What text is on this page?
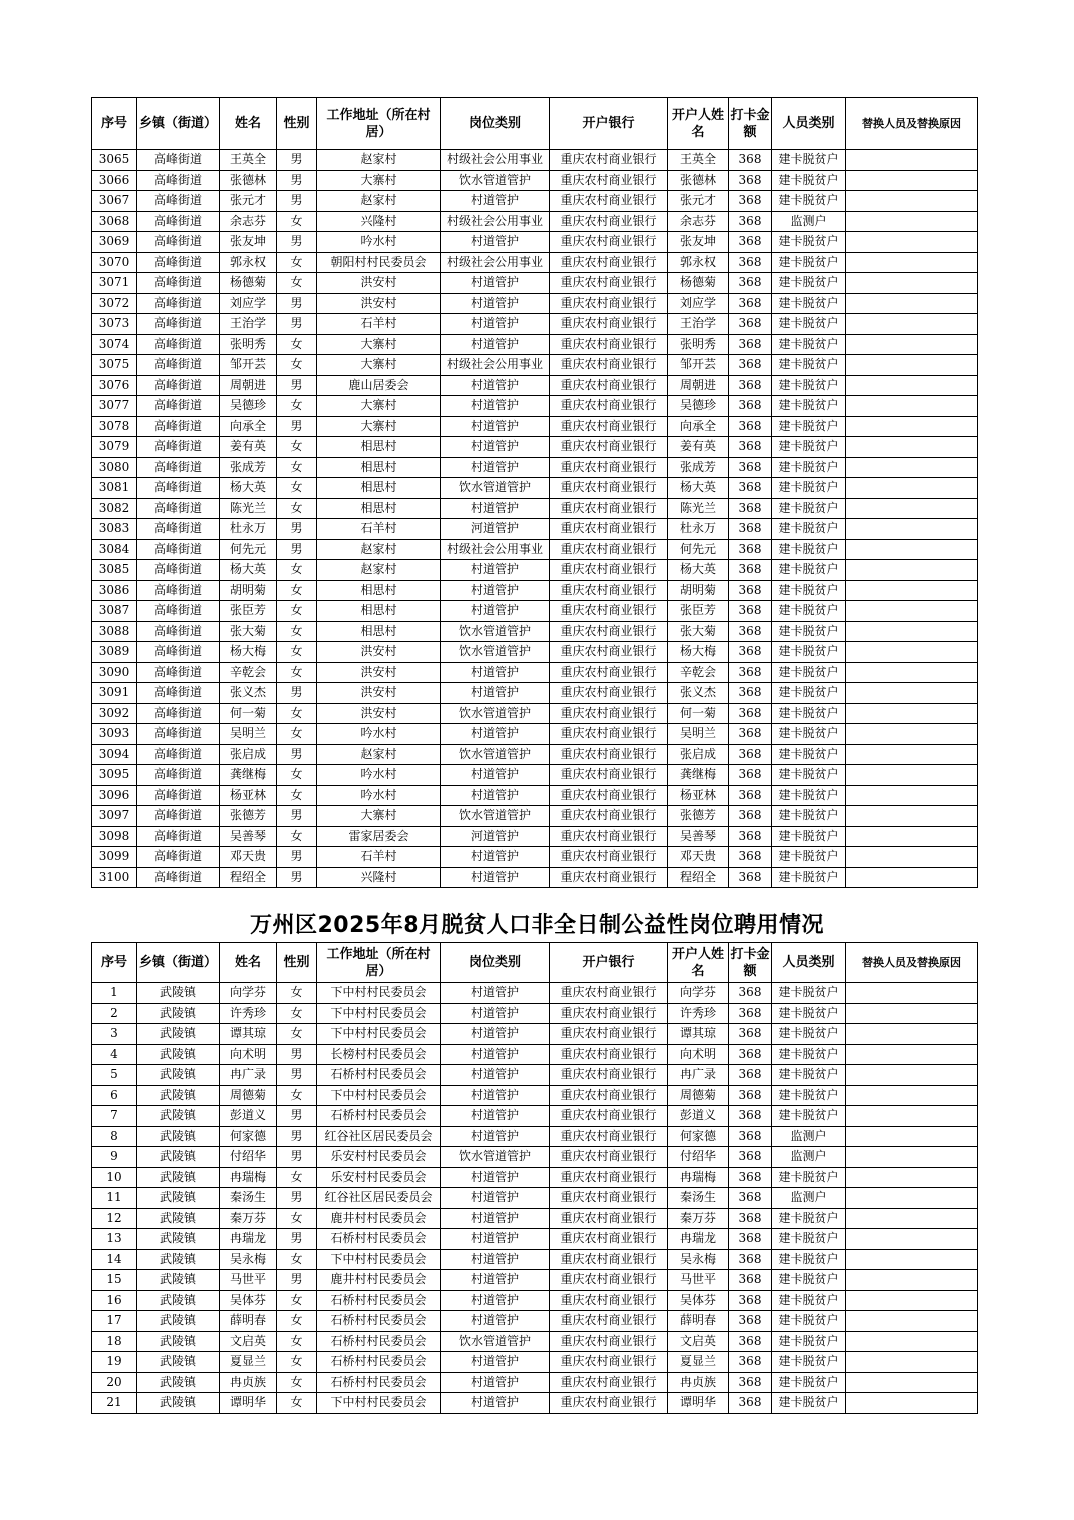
序号	乡镇（街道）	姓名	性别	工作地址（所在村居）	岗位类别	开户银行	开户人姓名	打卡金额	人员类别	替换人员及替换原因
3065	高峰街道	王英全	男	赵家村	村级社会公用事业	重庆农村商业银行	王英全	368	建卡脱贫户	
3066	高峰街道	张德林	男	大寨村	饮水管道管护	重庆农村商业银行	张德林	368	建卡脱贫户	
3067	高峰街道	张元才	男	赵家村	村道管护	重庆农村商业银行	张元才	368	建卡脱贫户	
3068	高峰街道	余志芬	女	兴隆村	村级社会公用事业	重庆农村商业银行	余志芬	368	监测户	
3069	高峰街道	张友坤	男	吟水村	村道管护	重庆农村商业银行	张友坤	368	建卡脱贫户	
3070	高峰街道	郭永权	女	朝阳村村民委员会	村级社会公用事业	重庆农村商业银行	郭永权	368	建卡脱贫户	
3071	高峰街道	杨德菊	女	洪安村	村道管护	重庆农村商业银行	杨德菊	368	建卡脱贫户	
3072	高峰街道	刘应学	男	洪安村	村道管护	重庆农村商业银行	刘应学	368	建卡脱贫户	
3073	高峰街道	王治学	男	石羊村	村道管护	重庆农村商业银行	王治学	368	建卡脱贫户	
3074	高峰街道	张明秀	女	大寨村	村道管护	重庆农村商业银行	张明秀	368	建卡脱贫户	
3075	高峰街道	邹开芸	女	大寨村	村级社会公用事业	重庆农村商业银行	邹开芸	368	建卡脱贫户	
3076	高峰街道	周朝进	男	鹿山居委会	村道管护	重庆农村商业银行	周朝进	368	建卡脱贫户	
3077	高峰街道	吴德珍	女	大寨村	村道管护	重庆农村商业银行	吴德珍	368	建卡脱贫户	
3078	高峰街道	向承全	男	大寨村	村道管护	重庆农村商业银行	向承全	368	建卡脱贫户	
3079	高峰街道	姜有英	女	相思村	村道管护	重庆农村商业银行	姜有英	368	建卡脱贫户	
3080	高峰街道	张成芳	女	相思村	村道管护	重庆农村商业银行	张成芳	368	建卡脱贫户	
3081	高峰街道	杨大英	女	相思村	饮水管道管护	重庆农村商业银行	杨大英	368	建卡脱贫户	
3082	高峰街道	陈光兰	女	相思村	村道管护	重庆农村商业银行	陈光兰	368	建卡脱贫户	
3083	高峰街道	杜永万	男	石羊村	河道管护	重庆农村商业银行	杜永万	368	建卡脱贫户	
3084	高峰街道	何先元	男	赵家村	村级社会公用事业	重庆农村商业银行	何先元	368	建卡脱贫户	
3085	高峰街道	杨大英	女	赵家村	村道管护	重庆农村商业银行	杨大英	368	建卡脱贫户	
3086	高峰街道	胡明菊	女	相思村	村道管护	重庆农村商业银行	胡明菊	368	建卡脱贫户	
3087	高峰街道	张臣芳	女	相思村	村道管护	重庆农村商业银行	张臣芳	368	建卡脱贫户	
3088	高峰街道	张大菊	女	相思村	饮水管道管护	重庆农村商业银行	张大菊	368	建卡脱贫户	
3089	高峰街道	杨大梅	女	洪安村	饮水管道管护	重庆农村商业银行	杨大梅	368	建卡脱贫户	
3090	高峰街道	辛乾会	女	洪安村	村道管护	重庆农村商业银行	辛乾会	368	建卡脱贫户	
3091	高峰街道	张义杰	男	洪安村	村道管护	重庆农村商业银行	张义杰	368	建卡脱贫户	
3092	高峰街道	何一菊	女	洪安村	饮水管道管护	重庆农村商业银行	何一菊	368	建卡脱贫户	
3093	高峰街道	吴明兰	女	吟水村	村道管护	重庆农村商业银行	吴明兰	368	建卡脱贫户	
3094	高峰街道	张启成	男	赵家村	饮水管道管护	重庆农村商业银行	张启成	368	建卡脱贫户	
3095	高峰街道	龚继梅	女	吟水村	村道管护	重庆农村商业银行	龚继梅	368	建卡脱贫户	
3096	高峰街道	杨亚林	女	吟水村	村道管护	重庆农村商业银行	杨亚林	368	建卡脱贫户	
3097	高峰街道	张德芳	男	大寨村	饮水管道管护	重庆农村商业银行	张德芳	368	建卡脱贫户	
3098	高峰街道	吴善琴	女	雷家居委会	河道管护	重庆农村商业银行	吴善琴	368	建卡脱贫户	
3099	高峰街道	邓天贵	男	石羊村	村道管护	重庆农村商业银行	邓天贵	368	建卡脱贫户	
3100	高峰街道	程绍全	男	兴隆村	村道管护	重庆农村商业银行	程绍全	368	建卡脱贫户	
万州区2025年8月脱贫人口非全日制公益性岗位聘用情况
序号	乡镇（街道）	姓名	性别	工作地址（所在村居）	岗位类别	开户银行	开户人姓名	打卡金额	人员类别	替换人员及替换原因
1	武陵镇	向学芬	女	下中村村民委员会	村道管护	重庆农村商业银行	向学芬	368	建卡脱贫户	
2	武陵镇	许秀珍	女	下中村村民委员会	村道管护	重庆农村商业银行	许秀珍	368	建卡脱贫户	
3	武陵镇	谭其琼	女	下中村村民委员会	村道管护	重庆农村商业银行	谭其琼	368	建卡脱贫户	
4	武陵镇	向术明	男	长榜村村民委员会	村道管护	重庆农村商业银行	向术明	368	建卡脱贫户	
5	武陵镇	冉广录	男	石桥村村民委员会	村道管护	重庆农村商业银行	冉广录	368	建卡脱贫户	
6	武陵镇	周德菊	女	下中村村民委员会	村道管护	重庆农村商业银行	周德菊	368	建卡脱贫户	
7	武陵镇	彭道义	男	石桥村村民委员会	村道管护	重庆农村商业银行	彭道义	368	建卡脱贫户	
8	武陵镇	何家德	男	红谷社区居民委员会	村道管护	重庆农村商业银行	何家德	368	监测户	
9	武陵镇	付绍华	男	乐安村村民委员会	饮水管道管护	重庆农村商业银行	付绍华	368	监测户	
10	武陵镇	冉瑞梅	女	乐安村村民委员会	村道管护	重庆农村商业银行	冉瑞梅	368	建卡脱贫户	
11	武陵镇	秦汤生	男	红谷社区居民委员会	村道管护	重庆农村商业银行	秦汤生	368	监测户	
12	武陵镇	秦万芬	女	鹿井村村民委员会	村道管护	重庆农村商业银行	秦万芬	368	建卡脱贫户	
13	武陵镇	冉瑞龙	男	石桥村村民委员会	村道管护	重庆农村商业银行	冉瑞龙	368	建卡脱贫户	
14	武陵镇	吴永梅	女	下中村村民委员会	村道管护	重庆农村商业银行	吴永梅	368	建卡脱贫户	
15	武陵镇	马世平	男	鹿井村村民委员会	村道管护	重庆农村商业银行	马世平	368	建卡脱贫户	
16	武陵镇	吴体芬	女	石桥村村民委员会	村道管护	重庆农村商业银行	吴体芬	368	建卡脱贫户	
17	武陵镇	薛明春	女	石桥村村民委员会	村道管护	重庆农村商业银行	薛明春	368	建卡脱贫户	
18	武陵镇	文启英	女	石桥村村民委员会	饮水管道管护	重庆农村商业银行	文启英	368	建卡脱贫户	
19	武陵镇	夏显兰	女	石桥村村民委员会	村道管护	重庆农村商业银行	夏显兰	368	建卡脱贫户	
20	武陵镇	冉贞族	女	石桥村村民委员会	村道管护	重庆农村商业银行	冉贞族	368	建卡脱贫户	
21	武陵镇	谭明华	女	下中村村民委员会	村道管护	重庆农村商业银行	谭明华	368	建卡脱贫户	
